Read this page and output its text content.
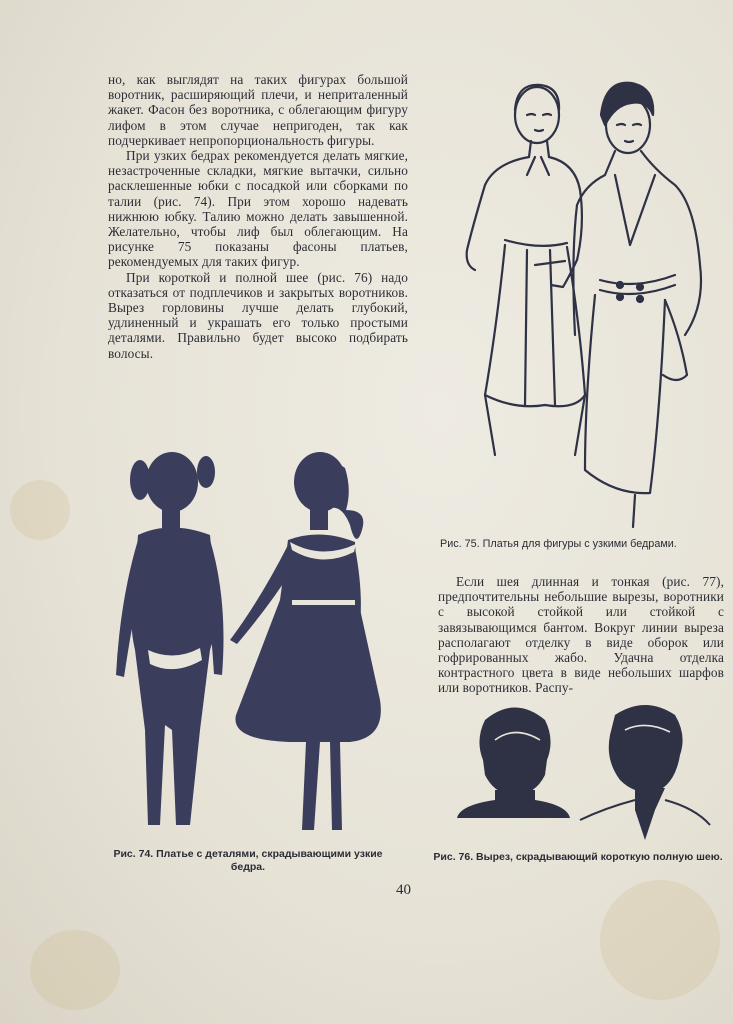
но, как выглядят на таких фигурах большой воротник, расширяющий плечи, и неприталенный жакет. Фасон без воротника, с облегающим фигуру лифом в этом случае непригоден, так как подчеркивает непропорциональность фигуры.

При узких бедрах рекомендуется делать мягкие, незастроченные складки, мягкие вытачки, сильно расклешенные юбки с посадкой или сборками по талии (рис. 74). При этом хорошо надевать нижнюю юбку. Талию можно делать завышенной. Желательно, чтобы лиф был облегающим. На рисунке 75 показаны фасоны платьев, рекомендуемых для таких фигур.

При короткой и полной шее (рис. 76) надо отказаться от подплечиков и закрытых воротников. Вырез горловины лучше делать глубокий, удлиненный и украшать его только простыми деталями. Правильно будет высоко подбирать волосы.

Рис. 75. Платья для фигуры с узкими бедрами.
Рис. 74. Платье с деталями, скрадывающими узкие бедра.

Если шея длинная и тонкая (рис. 77), предпочтительны небольшие вырезы, воротники с высокой стойкой или стойкой с завязывающимся бантом. Вокруг линии выреза располагают отделку в виде оборок или гофрированных жабо. Удачна отделка контрастного цвета в виде небольших шарфов или воротников. Распу-

Рис. 76. Вырез, скрадывающий короткую полную шею.
40
